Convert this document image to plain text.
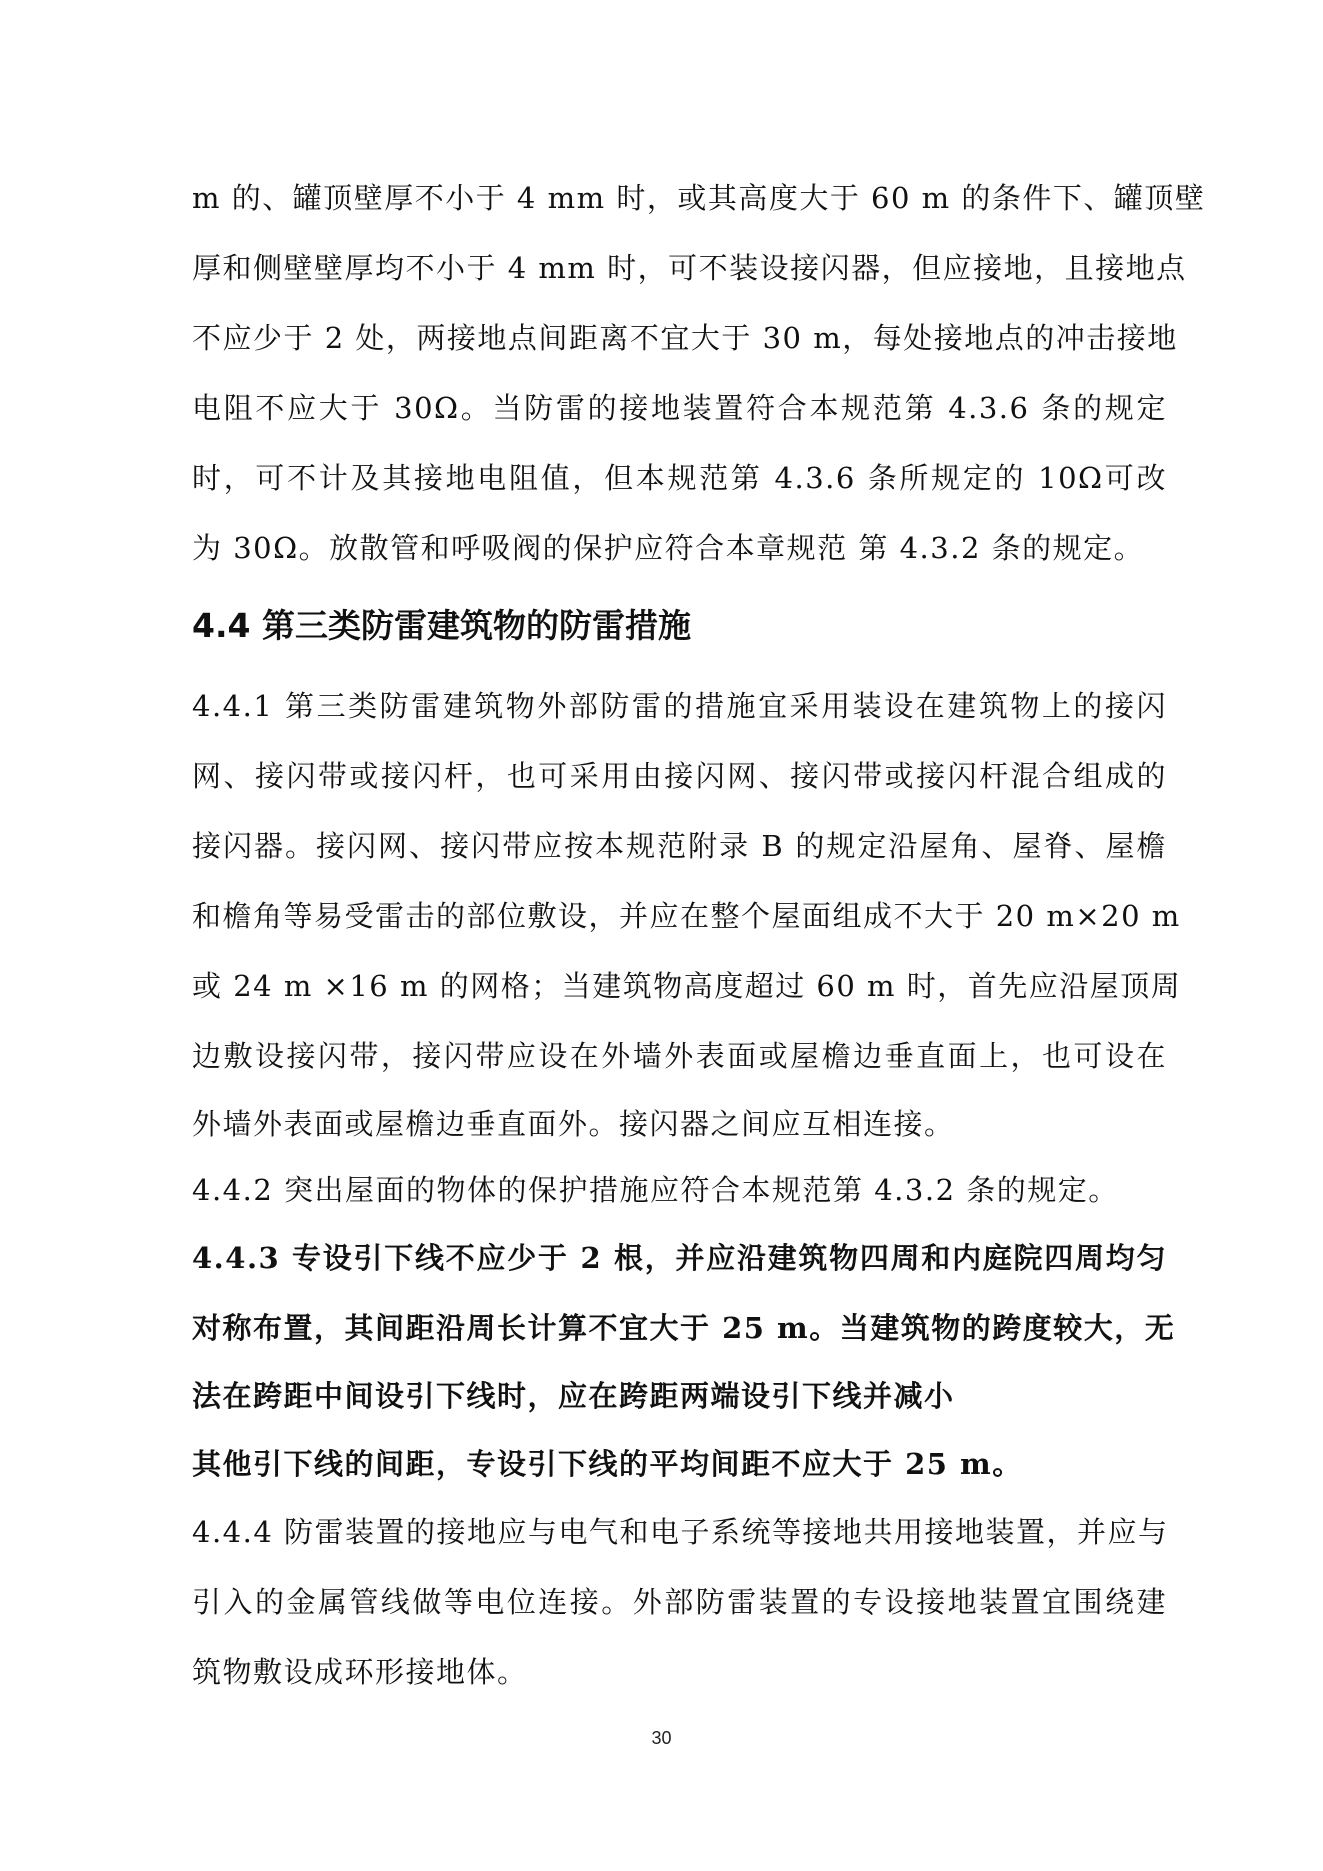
m 的、罐顶壁厚不小于 4 mm 时，或其高度大于 60 m 的条件下、罐顶壁
厚和侧壁壁厚均不小于 4 mm 时，可不装设接闪器，但应接地，且接地点
不应少于 2 处，两接地点间距离不宜大于 30 m，每处接地点的冲击接地
电阻不应大于 30Ω。当防雷的接地装置符合本规范第 4.3.6 条的规定
时，可不计及其接地电阻值，但本规范第 4.3.6 条所规定的 10Ω可改
为 30Ω。放散管和呼吸阀的保护应符合本章规范 第 4.3.2 条的规定。
4.4 第三类防雷建筑物的防雷措施
4.4.1 第三类防雷建筑物外部防雷的措施宜采用装设在建筑物上的接闪
网、接闪带或接闪杆，也可采用由接闪网、接闪带或接闪杆混合组成的
接闪器。接闪网、接闪带应按本规范附录 B 的规定沿屋角、屋脊、屋檐
和檐角等易受雷击的部位敷设，并应在整个屋面组成不大于 20 m×20 m
或 24 m ×16 m 的网格；当建筑物高度超过 60 m 时，首先应沿屋顶周
边敷设接闪带，接闪带应设在外墙外表面或屋檐边垂直面上，也可设在
外墙外表面或屋檐边垂直面外。接闪器之间应互相连接。
4.4.2 突出屋面的物体的保护措施应符合本规范第 4.3.2 条的规定。
4.4.3 专设引下线不应少于 2 根，并应沿建筑物四周和内庭院四周均匀
对称布置，其间距沿周长计算不宜大于 25 m。当建筑物的跨度较大，无
法在跨距中间设引下线时，应在跨距两端设引下线并减小
其他引下线的间距，专设引下线的平均间距不应大于 25 m。
4.4.4 防雷装置的接地应与电气和电子系统等接地共用接地装置，并应与
引入的金属管线做等电位连接。外部防雷装置的专设接地装置宜围绕建
筑物敷设成环形接地体。
30
